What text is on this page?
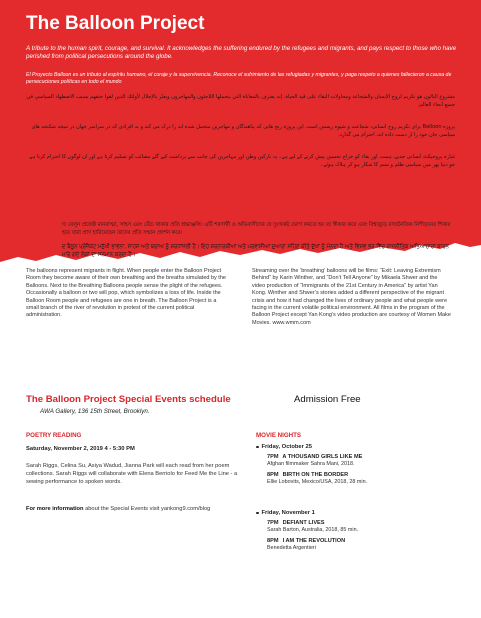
The Balloon Project

A tribute to the human spirit, courage, and survival. It acknowledges the suffering endured by the refugees and migrants, and pays respect to those who have perished from political persecutions around the globe.

El Proyecto Balloon es un tributo al espíritu humano, el coraje y la supervivencia. Reconoce el sufrimiento de las refugiadas y migrantes, y paga respeto a quienes fallecieron a causa de persecuciones políticas en todo el mundo

مشروع البالون هو تكريم لروح الإنسان والشجاعة ومحاولات البقاء على قيد الحياة. إنه يعترف بالمعاناة التي يتحملها اللاجئون والمهاجرون ويعبّر بالإجلال لأولئك الذين لقوا حتفهم بسبب الاضطهاد السياسي في جميع أنحاء العالم.

پروژه Balloon برای تکریم روح انسانی، شجاعت و شیوه زیستن است. این پروژه رنج هایی که پناهندگان و مهاجرین متحمل شده اند را درک می کند و به افرادی که در سراسر جهان در نتیجه شکنجه های سیاسی جان خود را از دست داده اند، احترام می گذارد.

غبارہ پروجیکٹ انسانی جذبے، ہمت، اور بقاء کو خراج تحسین پیش کرنے کے لیے ہے۔ یہ تارکین وطن اور مہاجرین کی جانب سے برداشت کیے گئے مصائب کو تسلیم کرتا ہے اور ان لوگوں کا احترام کرتا ہے جو دنیا بھر میں سیاسی ظلم و ستم کا شکار ہو کر ہلاک ہوئے۔

দ্য বেলুন প্রজেক্ট মানবাত্মা, সাহস এবং বেঁচে থাকার প্রতি শ্রদ্ধাঞ্জলি। এটি শরণার্থী ও অভিবাসীদের যে দুঃখকষ্ট ভোগ করতে হয় তা স্বীকার করে এবং বিশ্বজুড়ে রাজনৈতিক নিপীড়নের শিকার হয়ে যারা প্রাণ হারিয়েছেন তাদের প্রতি সম্মান প্রদর্শন করে।

ਦ ਬੈਲੂਨ ਪ੍ਰੋਜੈਕਟ ਮਨੁੱਖੀ ਭਾਵਨਾ, ਸਾਹਸ ਅਤੇ ਬਚਾਅ ਨੂੰ ਸ਼ਰਧਾਂਜਲੀ ਹੈ। ਇਹ ਸ਼ਰਨਾਰਥੀਆਂ ਅਤੇ ਪਰਵਾਸੀਆਂ ਦੁਆਰਾ ਸਹਿਣ ਕੀਤੇ ਦੁੱਖਾਂ ਨੂੰ ਮੰਨਦਾ ਹੈ ਅਤੇ ਵਿਸ਼ਵ ਭਰ ਵਿੱਚ ਰਾਜਨੀਤਿਕ ਅਤਿਆਚਾਰਾਂ ਕਾਰਨ ਮਾਰੇ ਗਏ ਲੋਕਾਂ ਦਾ ਸਨਮਾਨ ਕਰਦਾ ਹੈ।

The balloons represent migrants in flight. When people enter the Balloon Project Room they become aware of their own breathing and the breaths simulated by the Balloons. Next to the Breathing Balloons people sense the plight of the refugees. Occasionally a balloon or two will pop, which symbolizes a loss of life. Inside the Balloon Room people and refugees are one in breath. The Balloon Project is a small branch of the river of revolution in protest of the current political administration.

Streaming over the ‘breathing’ balloons will be films: “Exit: Leaving Extremism Behind” by Karin Winther, and “Don’t Tell Anyone” by Mikaela Shwer and the video production of “Immigrants of the 21st Century in America” by artist Yan Kong. Winther and Shwer’s stories added a different perspective of the migrant crisis and how it had changed the lives of ordinary people and what people were facing in the current volatile political environment. All films in the program of the Balloon Project except Yan Kong’s video production are courtesy of Women Make Movies. www.wmm.com

The Balloon Project Special Events schedule	Admission Free

AWA Gallery, 136 15th Street, Brooklyn.

POETRY READING

Saturday, November 2, 2019 4 - 5:30 PM

Sarah Riggs, Celina Su, Asiya Wadud, Jianna Park will each read from her poem collections. Sarah Riggs will collaborate with Elena Berriolo for Feed Me the Line - a sewing performance to spoken words.

For more information about the Special Events visit yankong9.com/blog

MOVIE NIGHTS

Friday, October 25

7PM A THOUSAND GIRLS LIKE ME

Afghan filmmaker Sahra Mani, 2018.

8PM BIRTH ON THE BORDER

Ellie Lobovits, Mexico/USA, 2018, 28 min.

Friday, November 1

7PM DEFIANT LIVES

Sarah Barton, Australia, 2018, 85 min.

8PM I AM THE REVOLUTION

Benedetta Argentieri
